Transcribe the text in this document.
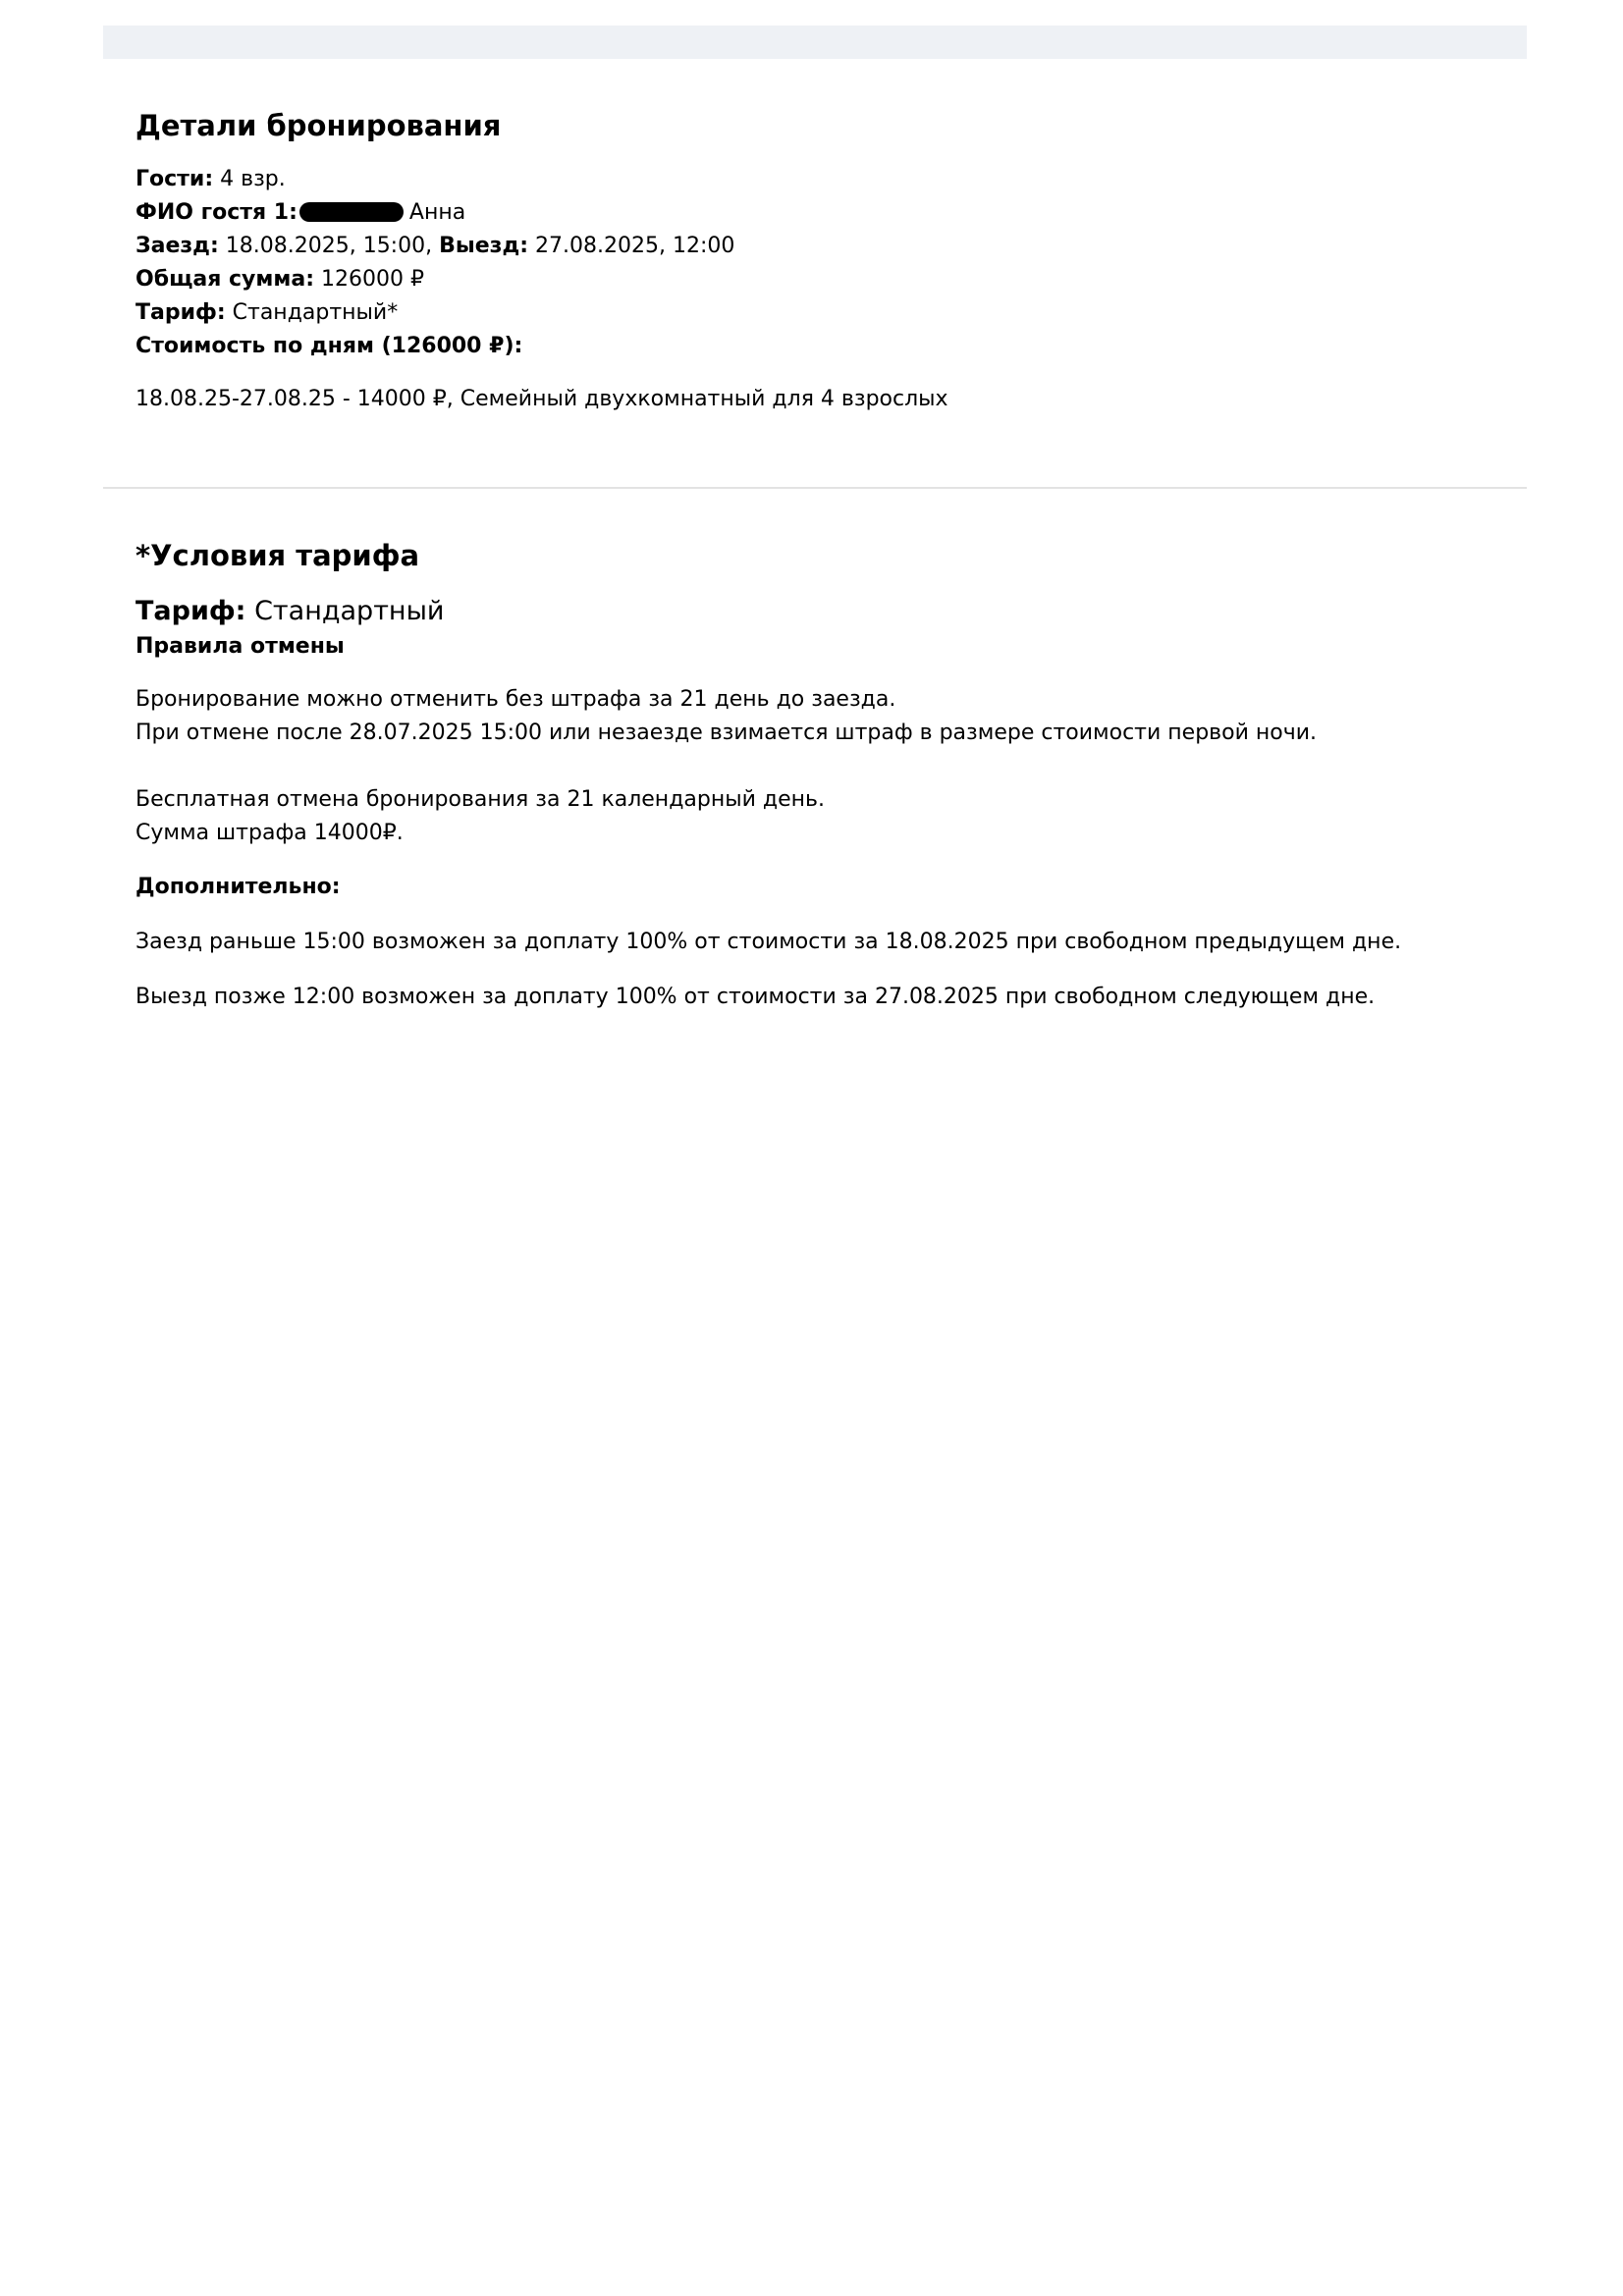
Детали бронирования
Гости: 4 взр.
ФИО гостя 1:	Анна
Заезд: 18.08.2025, 15:00, Выезд: 27.08.2025, 12:00
Общая сумма: 126000 ₽
Тариф: Стандартный*
Стоимость по дням (126000 ₽):
18.08.25-27.08.25 - 14000 ₽, Семейный двухкомнатный для 4 взрослых
*Условия тарифа
Тариф: Стандартный
Правила отмены
Бронирование можно отменить без штрафа за 21 день до заезда.
При отмене после 28.07.2025 15:00 или незаезде взимается штраф в размере стоимости первой ночи.
Бесплатная отмена бронирования за 21 календарный день.
Сумма штрафа 14000₽.
Дополнительно:
Заезд раньше 15:00 возможен за доплату 100% от стоимости за 18.08.2025 при свободном предыдущем дне.
Выезд позже 12:00 возможен за доплату 100% от стоимости за 27.08.2025 при свободном следующем дне.
